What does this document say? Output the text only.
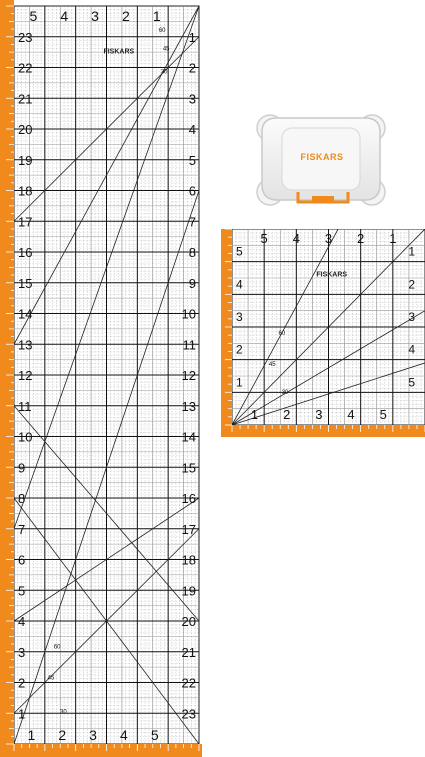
5 4 3 2 1
1 2 3 4 5
23
22
21
20
19
18
17
16
15
14
13
12
11
10
9
8
7
6
5
4
3
2
1
1
2
3
4
5
6
7
8
9
10
11
12
13
14
15
16
17
18
19
20
21
22
23
60
45
30
60
45
30
FISKARS
5 4 3 2 1
1 2 3 4 5
5
4
3
2
1
1
2
3
4
5
60
45
30
FISKARS
FISKARS
